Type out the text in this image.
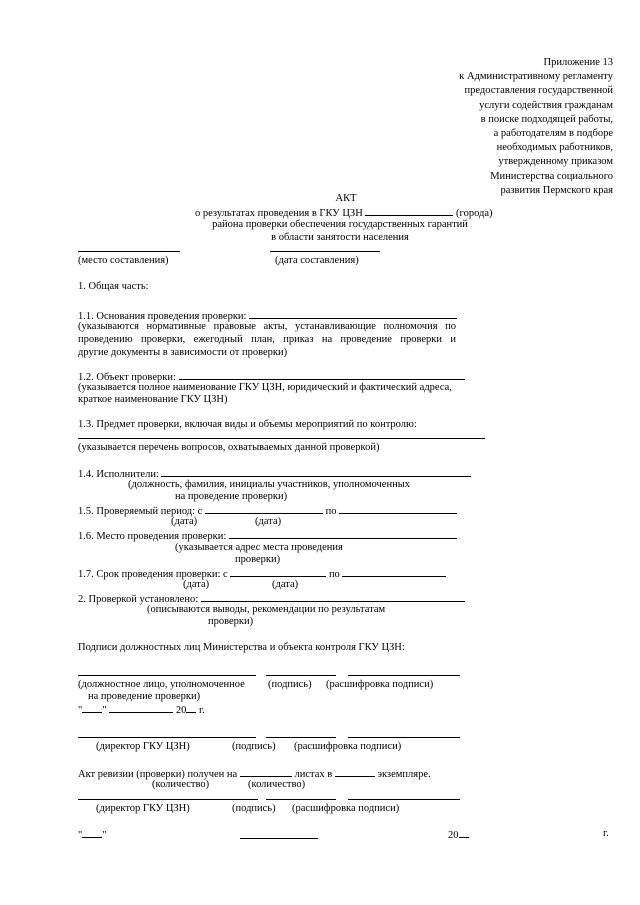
Приложение 13
к Административному регламенту
предоставления государственной
услуги содействия гражданам
в поиске подходящей работы,
а работодателям в подборе
необходимых работников,
утвержденному приказом
Министерства социального
развития Пермского края
АКТ
о результатах проведения в ГКУ ЦЗН	(города)
района проверки обеспечения государственных гарантий
в области занятости населения
(место составления)	(дата составления)
1. Общая часть:
1.1. Основания проведения проверки:
(указываются нормативные правовые акты, устанавливающие полномочия по
проведению проверки, ежегодный план, приказ на проведение проверки и
другие документы в зависимости от проверки)
1.2. Объект проверки:
(указывается полное наименование ГКУ ЦЗН, юридический и фактический адреса,
краткое наименование ГКУ ЦЗН)
1.3. Предмет проверки, включая виды и объемы мероприятий по контролю:
(указывается перечень вопросов, охватываемых данной проверкой)
1.4. Исполнители:
(должность, фамилия, инициалы участников, уполномоченных
на проведение проверки)
1.5. Проверяемый период: с	по
(дата)	(дата)
1.6. Место проведения проверки:
(указывается адрес места проведения
проверки)
1.7. Срок проведения проверки: с	по
(дата)	(дата)
2. Проверкой установлено:
(описываются выводы, рекомендации по результатам
проверки)
Подписи должностных лиц Министерства и объекта контроля ГКУ ЦЗН:
(должностное лицо, уполномоченное (подпись) (расшифровка подписи)
на проведение проверки)
" "	20 г.
(директор ГКУ ЦЗН)	(подпись) (расшифровка подписи)
Акт ревизии (проверки) получен на	листах в	экземпляре.
(количество)	(количество)
(директор ГКУ ЦЗН)	(подпись) (расшифровка подписи)
" "	20	г.
